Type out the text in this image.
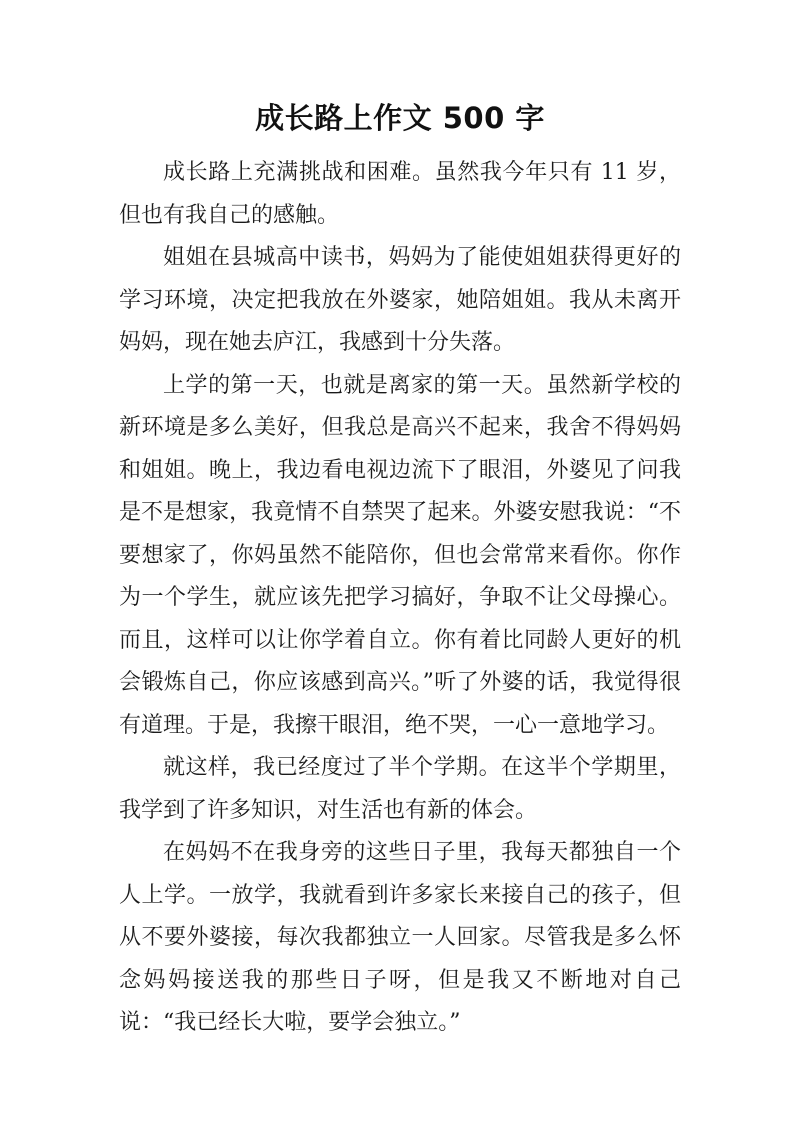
成长路上作文 500 字

成长路上充满挑战和困难。虽然我今年只有 11 岁，但也有我自己的感触。

姐姐在县城高中读书，妈妈为了能使姐姐获得更好的学习环境，决定把我放在外婆家，她陪姐姐。我从未离开妈妈，现在她去庐江，我感到十分失落。

上学的第一天，也就是离家的第一天。虽然新学校的新环境是多么美好，但我总是高兴不起来，我舍不得妈妈和姐姐。晚上，我边看电视边流下了眼泪，外婆见了问我是不是想家，我竟情不自禁哭了起来。外婆安慰我说：“不要想家了，你妈虽然不能陪你，但也会常常来看你。你作为一个学生，就应该先把学习搞好，争取不让父母操心。而且，这样可以让你学着自立。你有着比同龄人更好的机会锻炼自己，你应该感到高兴。”听了外婆的话，我觉得很有道理。于是，我擦干眼泪，绝不哭，一心一意地学习。

就这样，我已经度过了半个学期。在这半个学期里，我学到了许多知识，对生活也有新的体会。

在妈妈不在我身旁的这些日子里，我每天都独自一个人上学。一放学，我就看到许多家长来接自己的孩子，但从不要外婆接，每次我都独立一人回家。尽管我是多么怀念妈妈接送我的那些日子呀，但是我又不断地对自己说：“我已经长大啦，要学会独立。”
